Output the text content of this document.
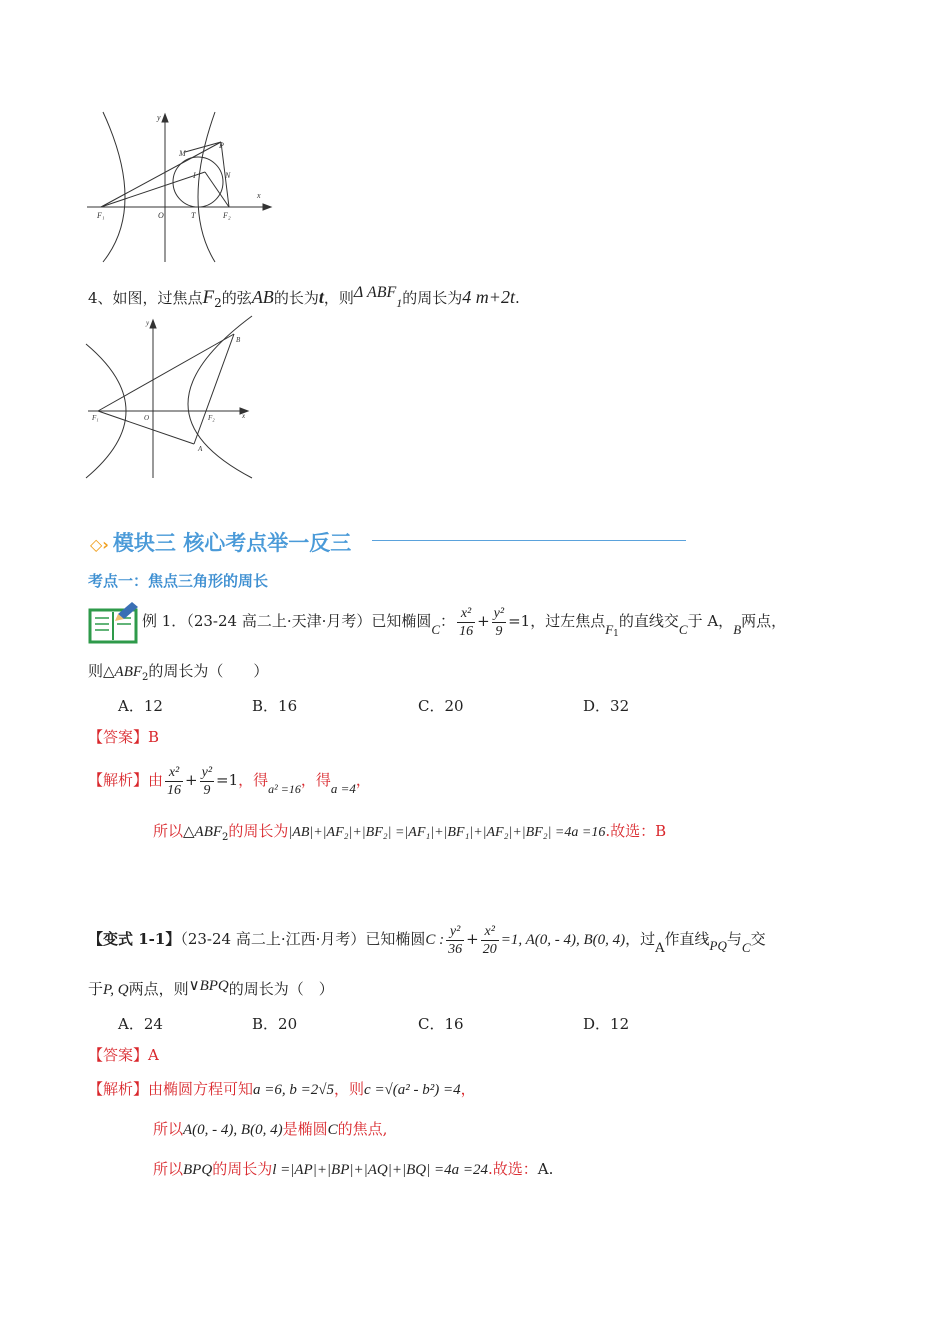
y
x
M
P
I	N
F₁	O	T	F₂
4、如图，过焦点$F_2$的弦AB的长为t，则Δ $ABF_1$的周长为4 m+2t.
y
B
F₁	O	F₂	x
A
◇› 模块三 核心考点举一反三
考点一：焦点三角形的周长
例 1．（23-24 高二上·天津·月考）已知椭圆C： $\frac{\text{x²}}{16} + \frac{\text{y²}}{9} =1$，过左焦点$F_1$的直线交C于 A，B两点，
则$\triangle ABF_2$的周长为（　　）
A．12	B．16	C．20	D．32
【答案】B
【解析】由 $\frac{\text{x²}}{16} + \frac{\text{y²}}{9} =1$，得$_{a^2 =16}$，得a =4，
所以$\triangle ABF_2$的周长为|AB|+|AF₂|+|BF₂| =|AF₁|+|BF₁|+|AF₂|+|BF₂| =4a =16.故选：B
【变式 1-1】（23-24 高二上·江西·月考）已知椭圆C : $\frac{\text{y²}}{36} + \frac{\text{x²}}{20} =1$, A(0, - 4), B(0, 4)，过A作直线PQ与C交
于P, Q两点，则∨BPQ的周长为（　）
A．24	B．20	C．16	D．12
【答案】A
【解析】由椭圆方程可知a =6, b =2√5，则c =√(a² - b²) =4，
所以A(0, - 4), B(0, 4)是椭圆C的焦点,
所以BPQ的周长为l =|AP|+|BP|+|AQ|+|BQ| =4a =24.故选：A.
